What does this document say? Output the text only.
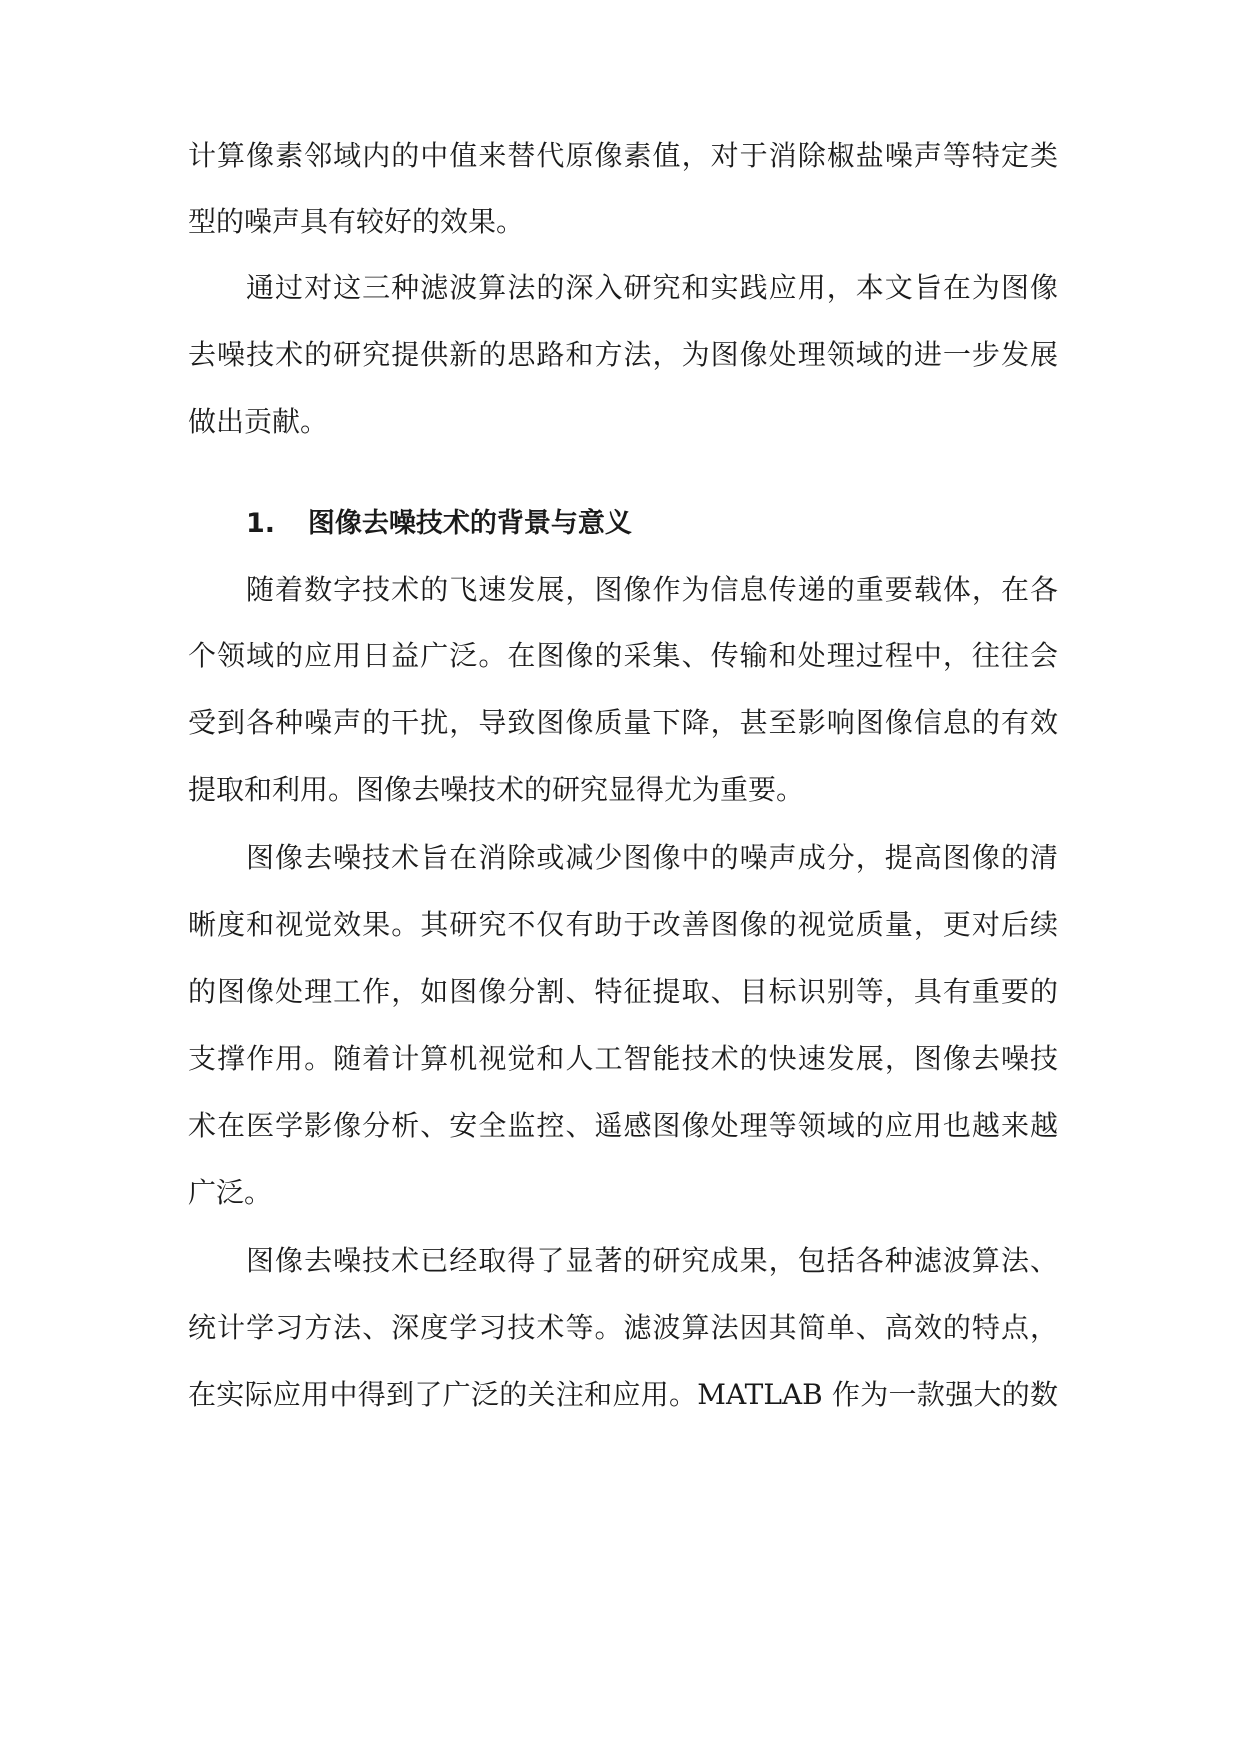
计算像素邻域内的中值来替代原像素值，对于消除椒盐噪声等特定类
型的噪声具有较好的效果。
通过对这三种滤波算法的深入研究和实践应用，本文旨在为图像
去噪技术的研究提供新的思路和方法，为图像处理领域的进一步发展
做出贡献。
1. 图像去噪技术的背景与意义
随着数字技术的飞速发展，图像作为信息传递的重要载体，在各
个领域的应用日益广泛。在图像的采集、传输和处理过程中，往往会
受到各种噪声的干扰，导致图像质量下降，甚至影响图像信息的有效
提取和利用。图像去噪技术的研究显得尤为重要。
图像去噪技术旨在消除或减少图像中的噪声成分，提高图像的清
晰度和视觉效果。其研究不仅有助于改善图像的视觉质量，更对后续
的图像处理工作，如图像分割、特征提取、目标识别等，具有重要的
支撑作用。随着计算机视觉和人工智能技术的快速发展，图像去噪技
术在医学影像分析、安全监控、遥感图像处理等领域的应用也越来越
广泛。
图像去噪技术已经取得了显著的研究成果，包括各种滤波算法、
统计学习方法、深度学习技术等。滤波算法因其简单、高效的特点，
在实际应用中得到了广泛的关注和应用。MATLAB 作为一款强大的数
